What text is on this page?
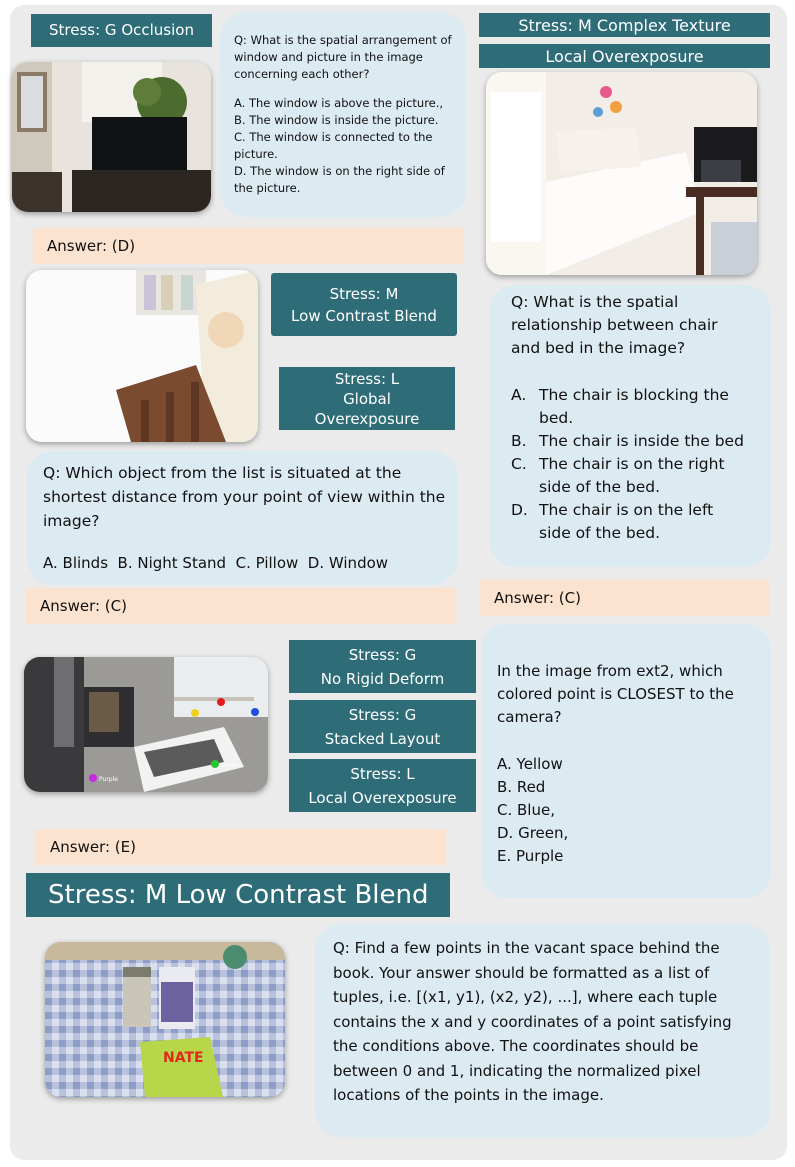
Stress: G Occlusion
Q: What is the spatial arrangement of window and picture in the image concerning each other?
A. The window is above the picture.,
B. The window is inside the picture.
C. The window is connected to the picture.
D. The window is on the right side of the picture.
Answer: (D)
Stress: M Complex Texture
Local Overexposure
Q: What is the spatial relationship between chair and bed in the image?
A. The chair is blocking the bed.
B. The chair is inside the bed
C. The chair is on the right side of the bed.
D. The chair is on the left side of the bed.
Answer: (C)
Stress: M
Low Contrast Blend
Stress: L
Global
Overexposure
Q: Which object from the list is situated at the shortest distance from your point of view within the image?
A. Blinds  B. Night Stand  C. Pillow  D. Window
Answer: (C)
Purple
Green
Stress: G
No Rigid Deform
Stress: G
Stacked Layout
Stress: L
Local Overexposure
In the image from ext2, which colored point is CLOSEST to the camera?
A. Yellow
B. Red
C. Blue,
D. Green,
E. Purple
Answer: (E)
Stress: M Low Contrast Blend
NATE
Q: Find a few points in the vacant space behind the book. Your answer should be formatted as a list of tuples, i.e. [(x1, y1), (x2, y2), ...], where each tuple contains the x and y coordinates of a point satisfying the conditions above. The coordinates should be between 0 and 1, indicating the normalized pixel locations of the points in the image.
